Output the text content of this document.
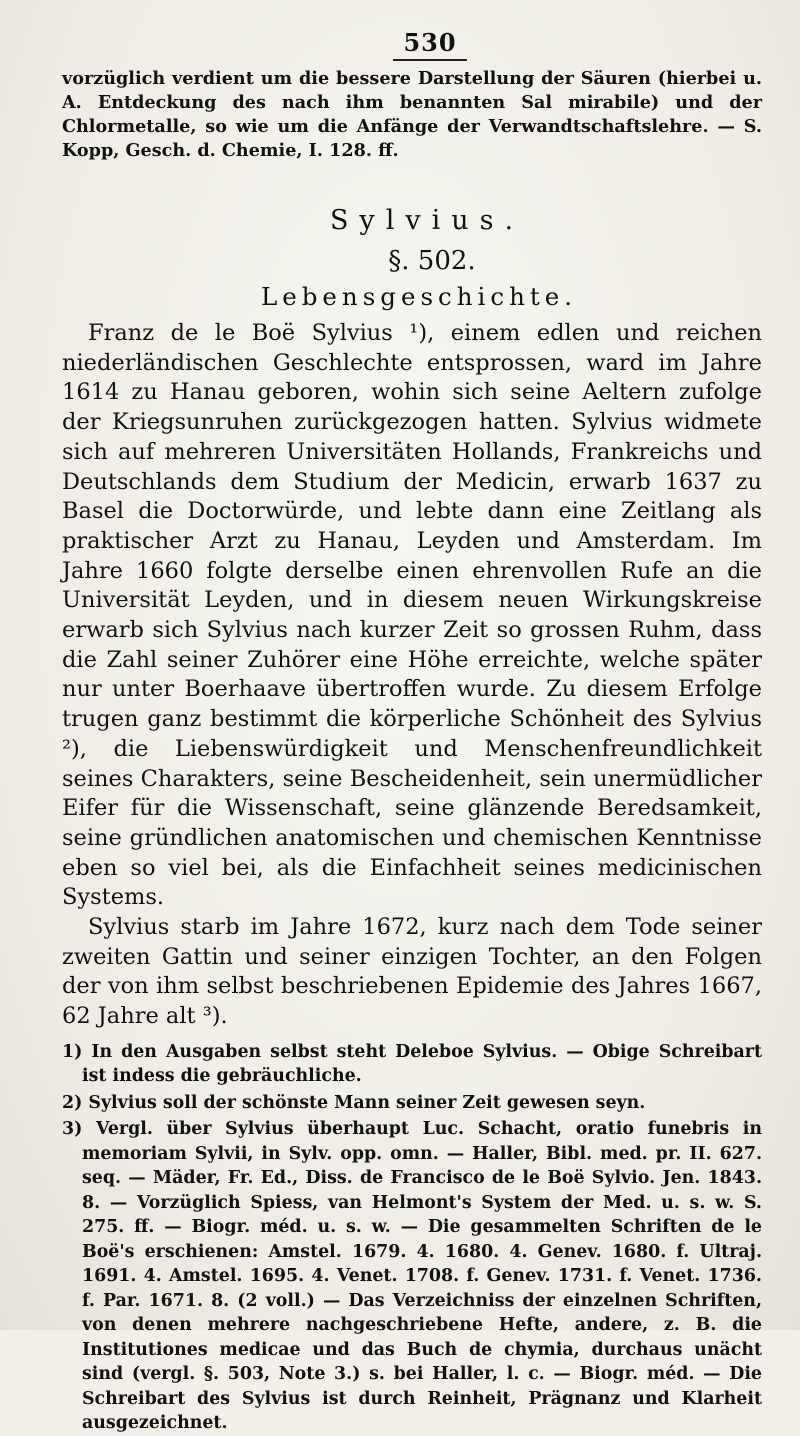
530

vorzüglich verdient um die bessere Darstellung der Säuren (hierbei u. A. Entdeckung des nach ihm benannten Sal mirabile) und der Chlormetalle, so wie um die Anfänge der Verwandtschaftslehre. — S. Kopp, Gesch. d. Chemie, I. 128. ff.

Sylvius.
§. 502.
Lebensgeschichte.

Franz de le Boë Sylvius ¹), einem edlen und reichen niederländischen Geschlechte entsprossen, ward im Jahre 1614 zu Hanau geboren, wohin sich seine Aeltern zufolge der Kriegsunruhen zurückgezogen hatten. Sylvius widmete sich auf mehreren Universitäten Hollands, Frankreichs und Deutschlands dem Studium der Medicin, erwarb 1637 zu Basel die Doctorwürde, und lebte dann eine Zeitlang als praktischer Arzt zu Hanau, Leyden und Amsterdam. Im Jahre 1660 folgte derselbe einen ehrenvollen Rufe an die Universität Leyden, und in diesem neuen Wirkungskreise erwarb sich Sylvius nach kurzer Zeit so grossen Ruhm, dass die Zahl seiner Zuhörer eine Höhe erreichte, welche später nur unter Boerhaave übertroffen wurde. Zu diesem Erfolge trugen ganz bestimmt die körperliche Schönheit des Sylvius ²), die Liebenswürdigkeit und Menschenfreundlichkeit seines Charakters, seine Bescheidenheit, sein unermüdlicher Eifer für die Wissenschaft, seine glänzende Beredsamkeit, seine gründlichen anatomischen und chemischen Kenntnisse eben so viel bei, als die Einfachheit seines medicinischen Systems.

Sylvius starb im Jahre 1672, kurz nach dem Tode seiner zweiten Gattin und seiner einzigen Tochter, an den Folgen der von ihm selbst beschriebenen Epidemie des Jahres 1667, 62 Jahre alt ³).

1) In den Ausgaben selbst steht Deleboe Sylvius. — Obige Schreibart ist indess die gebräuchliche.

2) Sylvius soll der schönste Mann seiner Zeit gewesen seyn.

3) Vergl. über Sylvius überhaupt Luc. Schacht, oratio funebris in memoriam Sylvii, in Sylv. opp. omn. — Haller, Bibl. med. pr. II. 627. seq. — Mäder, Fr. Ed., Diss. de Francisco de le Boë Sylvio. Jen. 1843. 8. — Vorzüglich Spiess, van Helmont's System der Med. u. s. w. S. 275. ff. — Biogr. méd. u. s. w. — Die gesammelten Schriften de le Boë's erschienen: Amstel. 1679. 4. 1680. 4. Genev. 1680. f. Ultraj. 1691. 4. Amstel. 1695. 4. Venet. 1708. f. Genev. 1731. f. Venet. 1736. f. Par. 1671. 8. (2 voll.) — Das Verzeichniss der einzelnen Schriften, von denen mehrere nachgeschriebene Hefte, andere, z. B. die Institutiones medicae und das Buch de chymia, durchaus unächt sind (vergl. §. 503, Note 3.) s. bei Haller, l. c. — Biogr. méd. — Die Schreibart des Sylvius ist durch Reinheit, Prägnanz und Klarheit ausgezeichnet.
